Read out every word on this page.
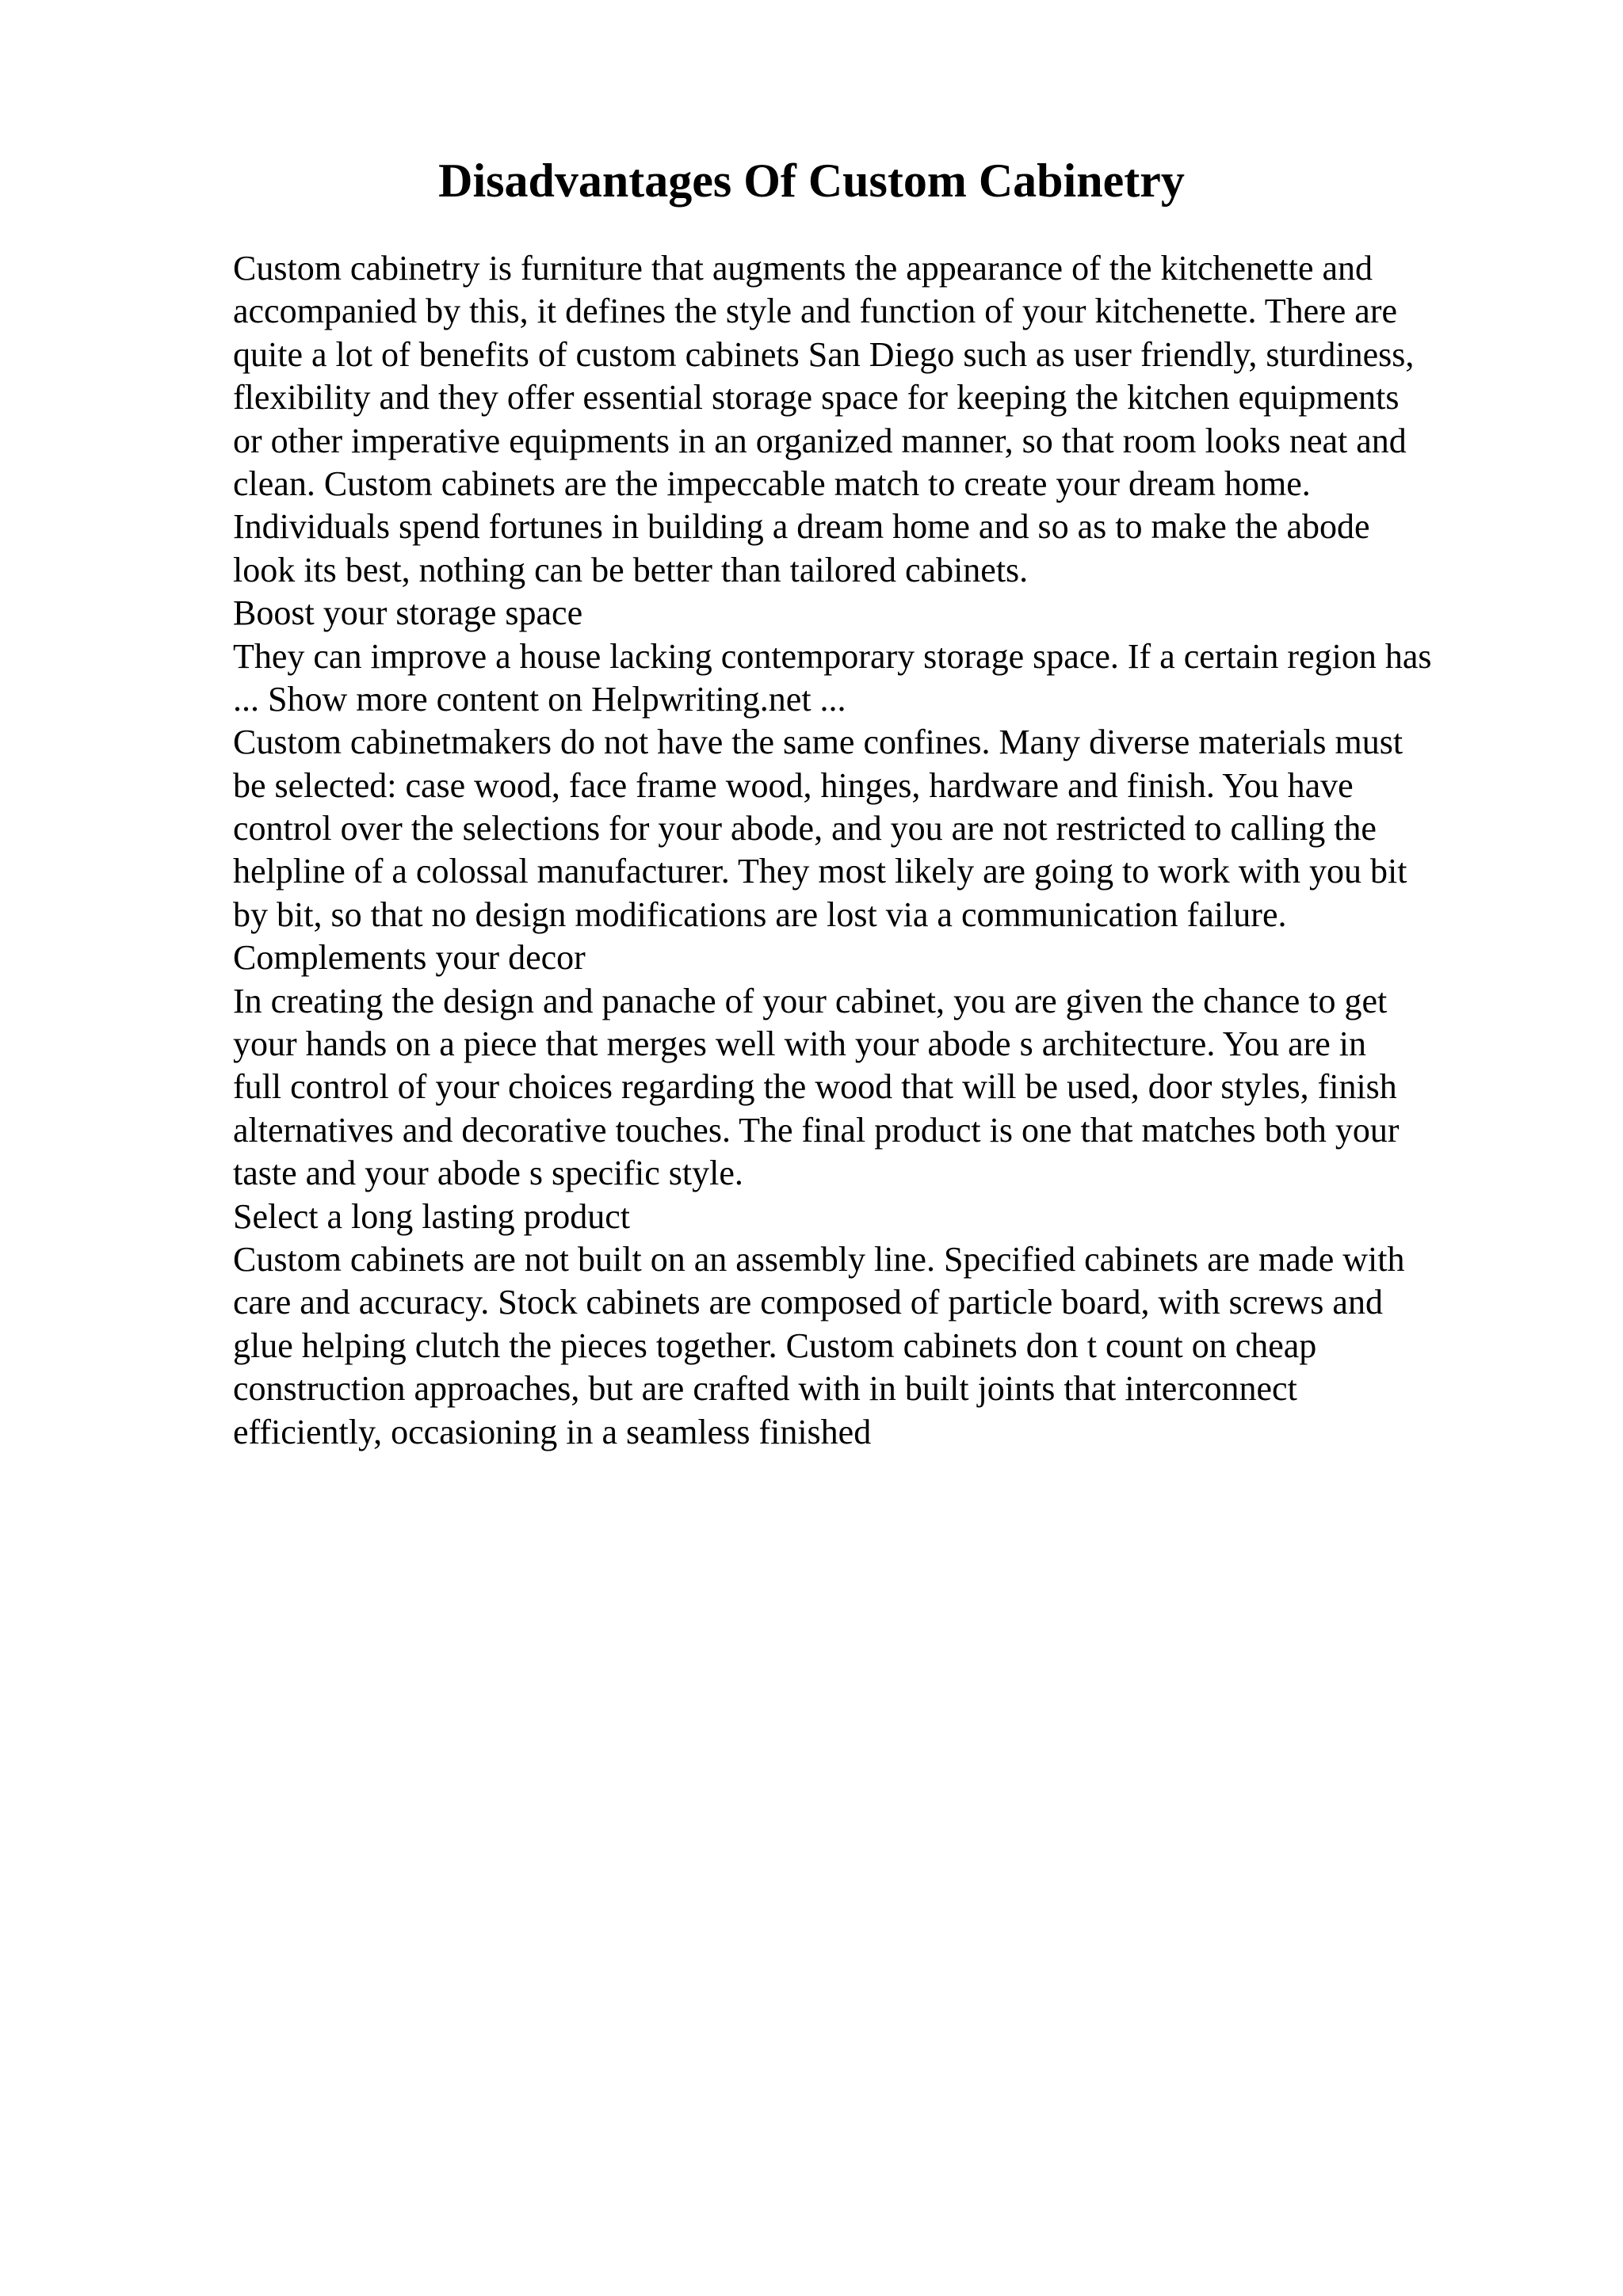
Disadvantages Of Custom Cabinetry
Custom cabinetry is furniture that augments the appearance of the kitchenette and
accompanied by this, it defines the style and function of your kitchenette. There are
quite a lot of benefits of custom cabinets San Diego such as user friendly, sturdiness,
flexibility and they offer essential storage space for keeping the kitchen equipments
or other imperative equipments in an organized manner, so that room looks neat and
clean. Custom cabinets are the impeccable match to create your dream home.
Individuals spend fortunes in building a dream home and so as to make the abode
look its best, nothing can be better than tailored cabinets.
Boost your storage space
They can improve a house lacking contemporary storage space. If a certain region has
... Show more content on Helpwriting.net ...
Custom cabinetmakers do not have the same confines. Many diverse materials must
be selected: case wood, face frame wood, hinges, hardware and finish. You have
control over the selections for your abode, and you are not restricted to calling the
helpline of a colossal manufacturer. They most likely are going to work with you bit
by bit, so that no design modifications are lost via a communication failure.
Complements your decor
In creating the design and panache of your cabinet, you are given the chance to get
your hands on a piece that merges well with your abode s architecture. You are in
full control of your choices regarding the wood that will be used, door styles, finish
alternatives and decorative touches. The final product is one that matches both your
taste and your abode s specific style.
Select a long lasting product
Custom cabinets are not built on an assembly line. Specified cabinets are made with
care and accuracy. Stock cabinets are composed of particle board, with screws and
glue helping clutch the pieces together. Custom cabinets don t count on cheap
construction approaches, but are crafted with in built joints that interconnect
efficiently, occasioning in a seamless finished
